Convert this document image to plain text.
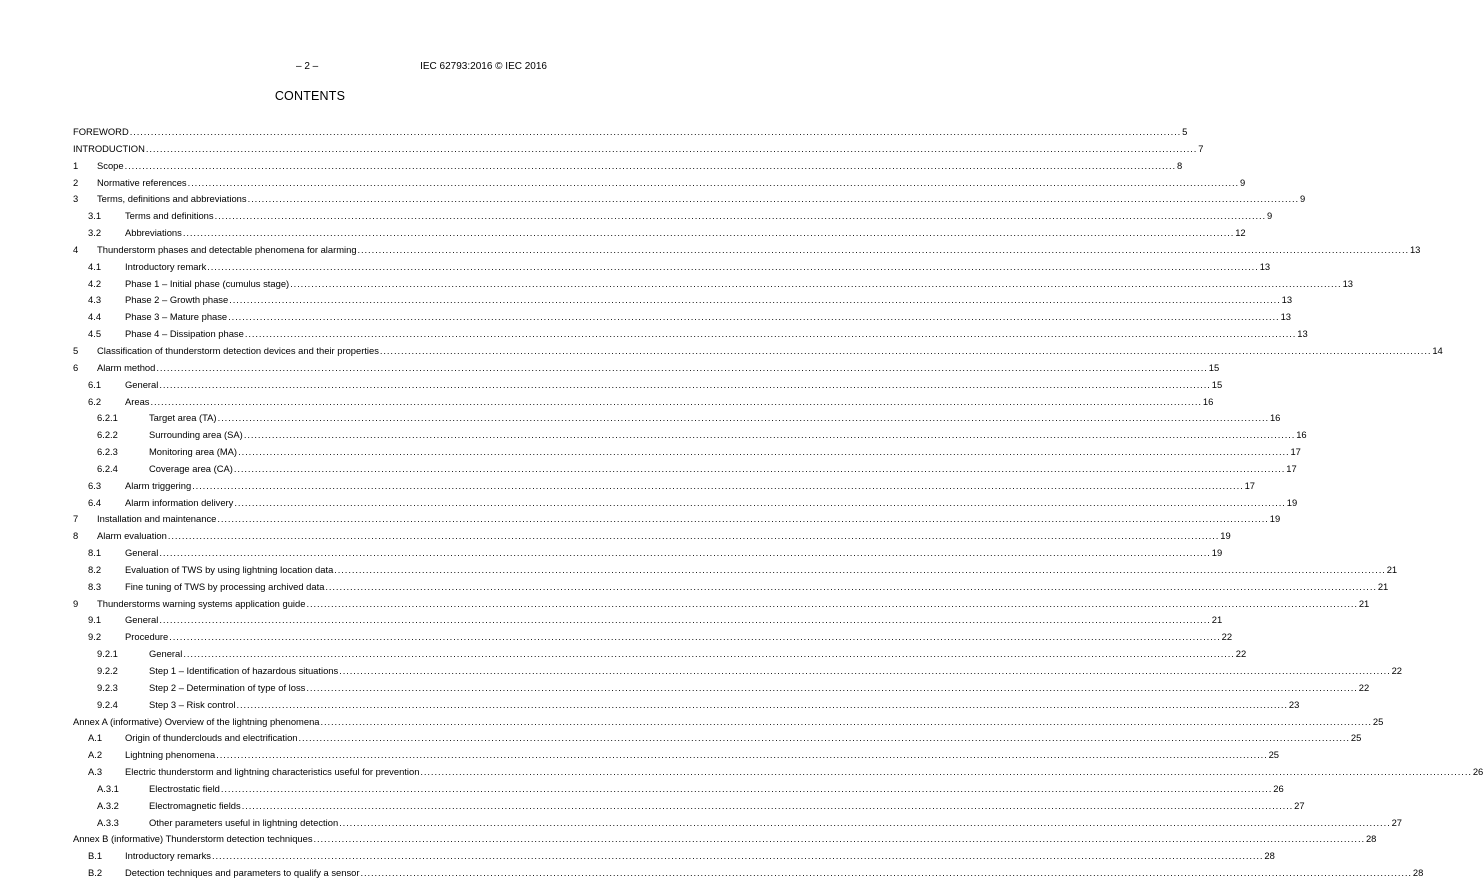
– 2 –	IEC 62793:2016 © IEC 2016
CONTENTS
FOREWORD ............................................................................................................................................................................................................................................................................................................ 5
INTRODUCTION ............................................................................................................................................................................................................................................................................................................ 7
1 Scope ............................................................................................................................................................................................................................................................................................................ 8
2 Normative references ............................................................................................................................................................................................................................................................................................................ 9
3 Terms, definitions and abbreviations ............................................................................................................................................................................................................................................................................................................ 9
3.1	Terms and definitions ............................................................................................................................................................................................................................................................................................................ 9
3.2	Abbreviations ............................................................................................................................................................................................................................................................................................................ 12
4 Thunderstorm phases and detectable phenomena for alarming ............................................................................................................................................................................................................................................................................................................ 13
4.1	Introductory remark ............................................................................................................................................................................................................................................................................................................ 13
4.2	Phase 1 – Initial phase (cumulus stage) ............................................................................................................................................................................................................................................................................................................ 13
4.3	Phase 2 – Growth phase ............................................................................................................................................................................................................................................................................................................ 13
4.4	Phase 3 – Mature phase ............................................................................................................................................................................................................................................................................................................ 13
4.5	Phase 4 – Dissipation phase ............................................................................................................................................................................................................................................................................................................ 13
5 Classification of thunderstorm detection devices and their properties ............................................................................................................................................................................................................................................................................................................ 14
6 Alarm method ............................................................................................................................................................................................................................................................................................................ 15
6.1	General ............................................................................................................................................................................................................................................................................................................ 15
6.2	Areas ............................................................................................................................................................................................................................................................................................................ 16
6.2.1	Target area (TA) ............................................................................................................................................................................................................................................................................................................ 16
6.2.2	Surrounding area (SA) ............................................................................................................................................................................................................................................................................................................ 16
6.2.3	Monitoring area (MA) ............................................................................................................................................................................................................................................................................................................ 17
6.2.4	Coverage area (CA) ............................................................................................................................................................................................................................................................................................................ 17
6.3	Alarm triggering ............................................................................................................................................................................................................................................................................................................ 17
6.4	Alarm information delivery ............................................................................................................................................................................................................................................................................................................ 19
7 Installation and maintenance ............................................................................................................................................................................................................................................................................................................ 19
8 Alarm evaluation ............................................................................................................................................................................................................................................................................................................ 19
8.1	General ............................................................................................................................................................................................................................................................................................................ 19
8.2	Evaluation of TWS by using lightning location data ............................................................................................................................................................................................................................................................................................................ 21
8.3	Fine tuning of TWS by processing archived data ............................................................................................................................................................................................................................................................................................................ 21
9 Thunderstorms warning systems application guide ............................................................................................................................................................................................................................................................................................................ 21
9.1	General ............................................................................................................................................................................................................................................................................................................ 21
9.2	Procedure ............................................................................................................................................................................................................................................................................................................ 22
9.2.1	General ............................................................................................................................................................................................................................................................................................................ 22
9.2.2	Step 1 – Identification of hazardous situations ............................................................................................................................................................................................................................................................................................................ 22
9.2.3	Step 2 – Determination of type of loss ............................................................................................................................................................................................................................................................................................................ 22
9.2.4	Step 3 – Risk control ............................................................................................................................................................................................................................................................................................................ 23
Annex A (informative) Overview of the lightning phenomena ............................................................................................................................................................................................................................................................................................................ 25
A.1 Origin of thunderclouds and electrification ............................................................................................................................................................................................................................................................................................................ 25
A.2 Lightning phenomena ............................................................................................................................................................................................................................................................................................................ 25
A.3 Electric thunderstorm and lightning characteristics useful for prevention ............................................................................................................................................................................................................................................................................................................ 26
A.3.1	Electrostatic field ............................................................................................................................................................................................................................................................................................................ 26
A.3.2	Electromagnetic fields ............................................................................................................................................................................................................................................................................................................ 27
A.3.3	Other parameters useful in lightning detection ............................................................................................................................................................................................................................................................................................................ 27
Annex B (informative) Thunderstorm detection techniques ............................................................................................................................................................................................................................................................................................................ 28
B.1 Introductory remarks ............................................................................................................................................................................................................................................................................................................ 28
B.2 Detection techniques and parameters to qualify a sensor ............................................................................................................................................................................................................................................................................................................ 28
